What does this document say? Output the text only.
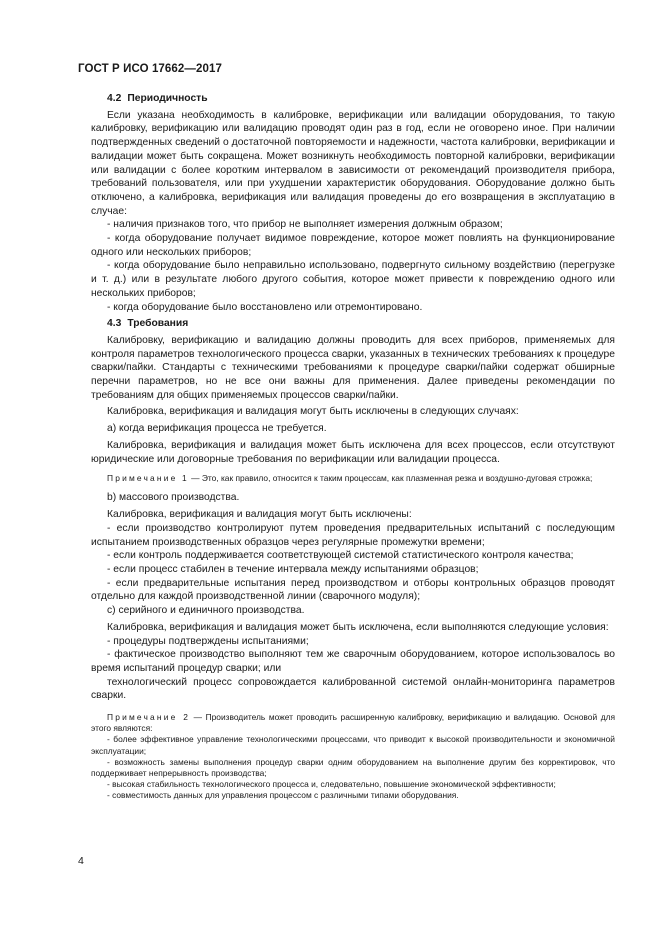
ГОСТ Р ИСО 17662—2017

4.2 Периодичность

Если указана необходимость в калибровке, верификации или валидации оборудования, то такую калибровку, верификацию или валидацию проводят один раз в год, если не оговорено иное. При наличии подтвержденных сведений о достаточной повторяемости и надежности, частота калибровки, верификации и валидации может быть сокращена. Может возникнуть необходимость повторной калибровки, верификации или валидации с более коротким интервалом в зависимости от рекомендаций производителя прибора, требований пользователя, или при ухудшении характеристик оборудования. Оборудование должно быть отключено, а калибровка, верификация или валидация проведены до его возвращения в эксплуатацию в случае:

- наличия признаков того, что прибор не выполняет измерения должным образом;

- когда оборудование получает видимое повреждение, которое может повлиять на функционирование одного или нескольких приборов;

- когда оборудование было неправильно использовано, подвергнуто сильному воздействию (перегрузке и т. д.) или в результате любого другого события, которое может привести к повреждению одного или нескольких приборов;

- когда оборудование было восстановлено или отремонтировано.

4.3 Требования

Калибровку, верификацию и валидацию должны проводить для всех приборов, применяемых для контроля параметров технологического процесса сварки, указанных в технических требованиях к процедуре сварки/пайки. Стандарты с техническими требованиями к процедуре сварки/пайки содержат обширные перечни параметров, но не все они важны для применения. Далее приведены рекомендации по требованиям для общих применяемых процессов сварки/пайки.

Калибровка, верификация и валидация могут быть исключены в следующих случаях:

а) когда верификация процесса не требуется.

Калибровка, верификация и валидация может быть исключена для всех процессов, если отсутствуют юридические или договорные требования по верификации или валидации процесса.

Примечание 1 — Это, как правило, относится к таким процессам, как плазменная резка и воздушно-дуговая строжка;

b) массового производства.

Калибровка, верификация и валидация могут быть исключены:

- если производство контролируют путем проведения предварительных испытаний с последующим испытанием производственных образцов через регулярные промежутки времени;

- если контроль поддерживается соответствующей системой статистического контроля качества;

- если процесс стабилен в течение интервала между испытаниями образцов;

- если предварительные испытания перед производством и отборы контрольных образцов проводят отдельно для каждой производственной линии (сварочного модуля);

с) серийного и единичного производства.

Калибровка, верификация и валидация может быть исключена, если выполняются следующие условия:

- процедуры подтверждены испытаниями;

- фактическое производство выполняют тем же сварочным оборудованием, которое использовалось во время испытаний процедур сварки; или

технологический процесс сопровождается калиброванной системой онлайн-мониторинга параметров сварки.

Примечание 2 — Производитель может проводить расширенную калибровку, верификацию и валидацию. Основой для этого являются:

- более эффективное управление технологическими процессами, что приводит к высокой производительности и экономичной эксплуатации;

- возможность замены выполнения процедур сварки одним оборудованием на выполнение другим без корректировок, что поддерживает непрерывность производства;

- высокая стабильность технологического процесса и, следовательно, повышение экономической эффективности;

- совместимость данных для управления процессом с различными типами оборудования.

4
